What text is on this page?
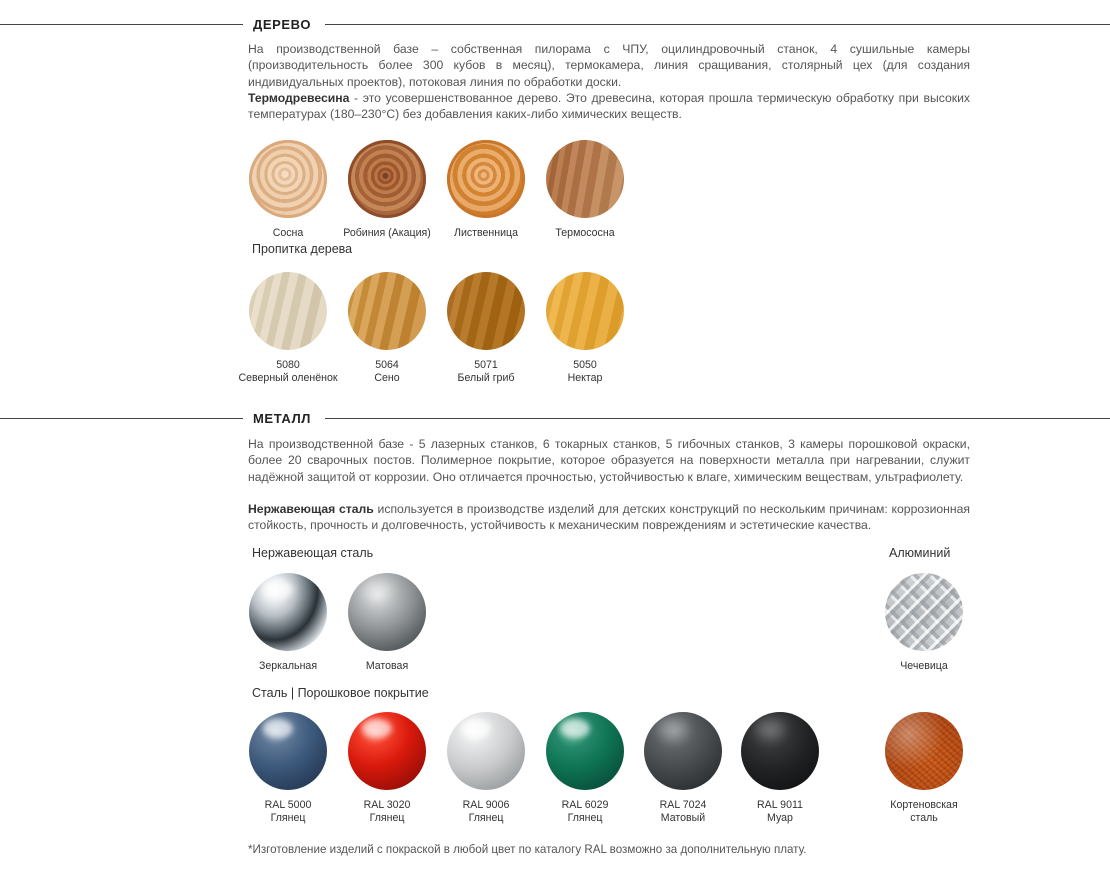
ДЕРЕВО
На производственной базе – собственная пилорама с ЧПУ, оцилиндровочный станок, 4 сушильные камеры (производительность более 300 кубов в месяц), термокамера, линия сращивания, столярный цех (для создания индивидуальных проектов), потоковая линия по обработки доски.
Термодревесина - это усовершенствованное дерево. Это древесина, которая прошла термическую обработку при высоких температурах (180–230°C) без добавления каких-либо химических веществ.
Сосна	Робиния (Акация)	Лиственница	Термососна
Пропитка дерева
5080
Северный оленёнок
5064
Сено
5071
Белый гриб
5050
Нектар
МЕТАЛЛ
На производственной базе - 5 лазерных станков, 6 токарных станков, 5 гибочных станков, 3 камеры порошковой окраски, более 20 сварочных постов. Полимерное покрытие, которое образуется на поверхности металла при нагревании, служит надёжной защитой от коррозии. Оно отличается прочностью, устойчивостью к влаге, химическим веществам, ультрафиолету.
Нержавеющая сталь используется в производстве изделий для детских конструкций по нескольким причинам: коррозионная стойкость, прочность и долговечность, устойчивость к механическим повреждениям и эстетические качества.
Нержавеющая сталь	Алюминий
Зеркальная	Матовая	Чечевица
Сталь | Порошковое покрытие
RAL 5000
Глянец
RAL 3020
Глянец
RAL 9006
Глянец
RAL 6029
Глянец
RAL 7024
Матовый
RAL 9011
Муар
Кортеновская
сталь
*Изготовление изделий с покраской в любой цвет по каталогу RAL возможно за дополнительную плату.
